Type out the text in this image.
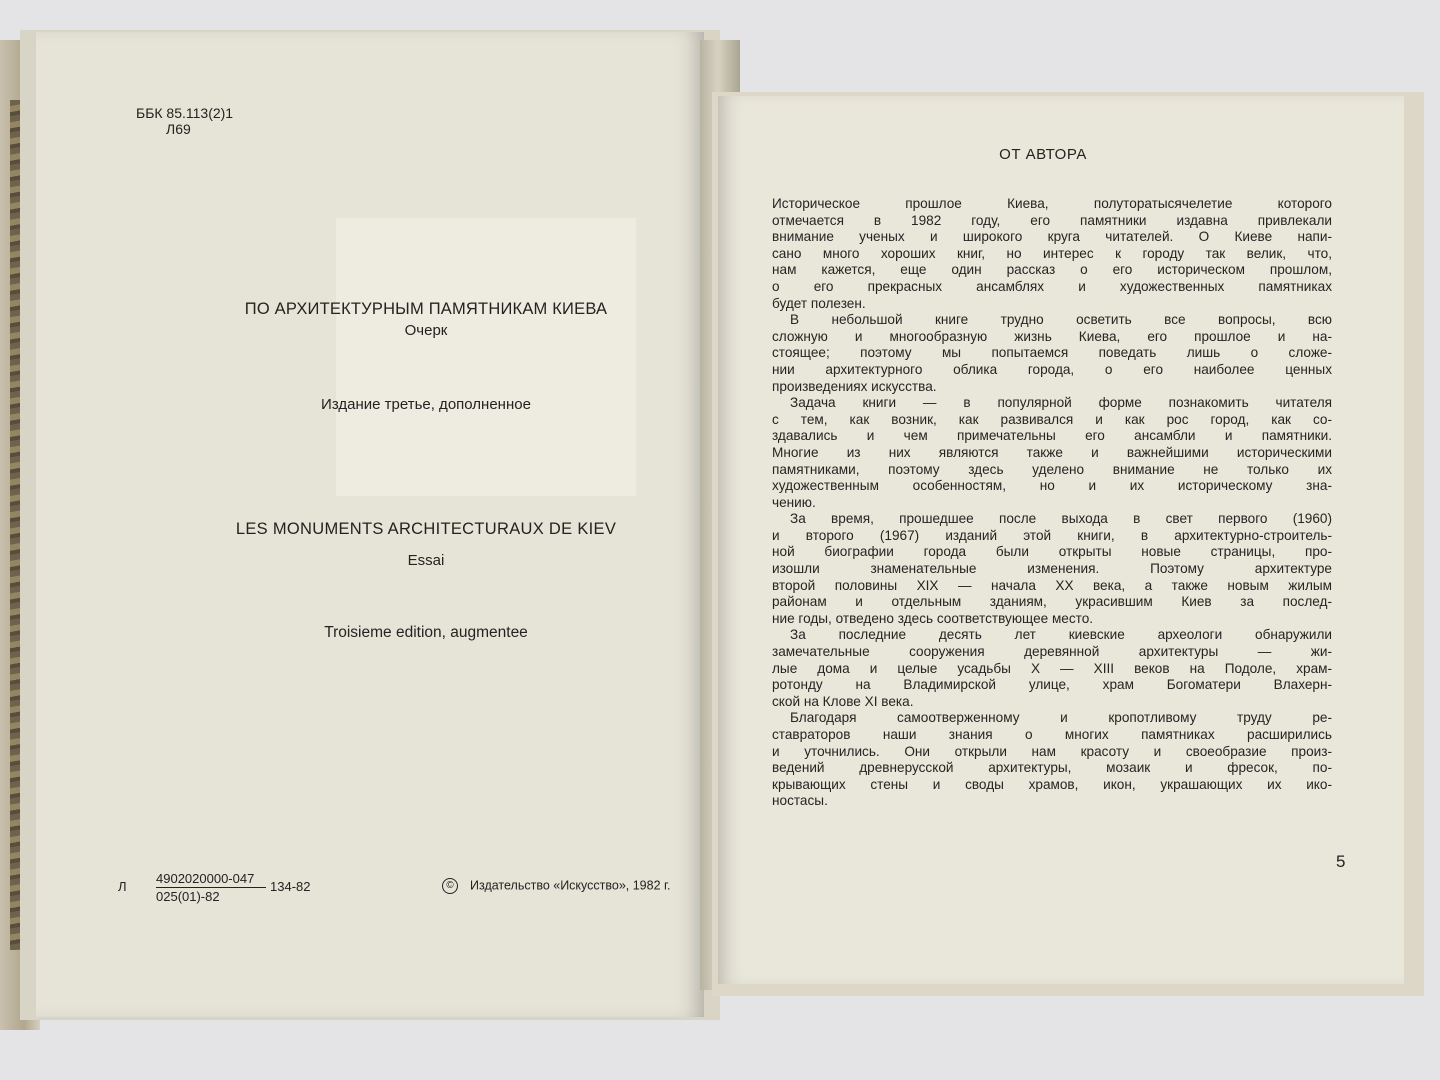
ББК 85.113(2)1
Л69
ПО АРХИТЕКТУРНЫМ ПАМЯТНИКАМ КИЕВА
Очерк
Издание третье, дополненное
LES MONUMENTS ARCHITECTURAUX DE KIEV
Essai
Troisieme edition, augmentee
Л
4902020000-047
025(01)-82
134-82	© Издательство «Искусство», 1982 г.
ОТ АВТОРА
Историческое прошлое Киева, полуторатысячелетие которого
отмечается в 1982 году, его памятники издавна привлекали
внимание ученых и широкого круга читателей. О Киеве напи-
сано много хороших книг, но интерес к городу так велик, что,
нам кажется, еще один рассказ о его историческом прошлом,
о его прекрасных ансамблях и художественных памятниках
будет полезен.
В небольшой книге трудно осветить все вопросы, всю
сложную и многообразную жизнь Киева, его прошлое и на-
стоящее; поэтому мы попытаемся поведать лишь о сложе-
нии архитектурного облика города, о его наиболее ценных
произведениях искусства.
Задача книги — в популярной форме познакомить читателя
с тем, как возник, как развивался и как рос город, как со-
здавались и чем примечательны его ансамбли и памятники.
Многие из них являются также и важнейшими историческими
памятниками, поэтому здесь уделено внимание не только их
художественным особенностям, но и их историческому зна-
чению.
За время, прошедшее после выхода в свет первого (1960)
и второго (1967) изданий этой книги, в архитектурно-строитель-
ной биографии города были открыты новые страницы, про-
изошли знаменательные изменения. Поэтому архитектуре
второй половины XIX — начала XX века, а также новым жилым
районам и отдельным зданиям, украсившим Киев за послед-
ние годы, отведено здесь соответствующее место.
За последние десять лет киевские археологи обнаружили
замечательные сооружения деревянной архитектуры — жи-
лые дома и целые усадьбы X — XIII веков на Подоле, храм-
ротонду на Владимирской улице, храм Богоматери Влахерн-
ской на Клове XI века.
Благодаря самоотверженному и кропотливому труду ре-
ставраторов наши знания о многих памятниках расширились
и уточнились. Они открыли нам красоту и своеобразие произ-
ведений древнерусской архитектуры, мозаик и фресок, по-
крывающих стены и своды храмов, икон, украшающих их ико-
ностасы.
5
